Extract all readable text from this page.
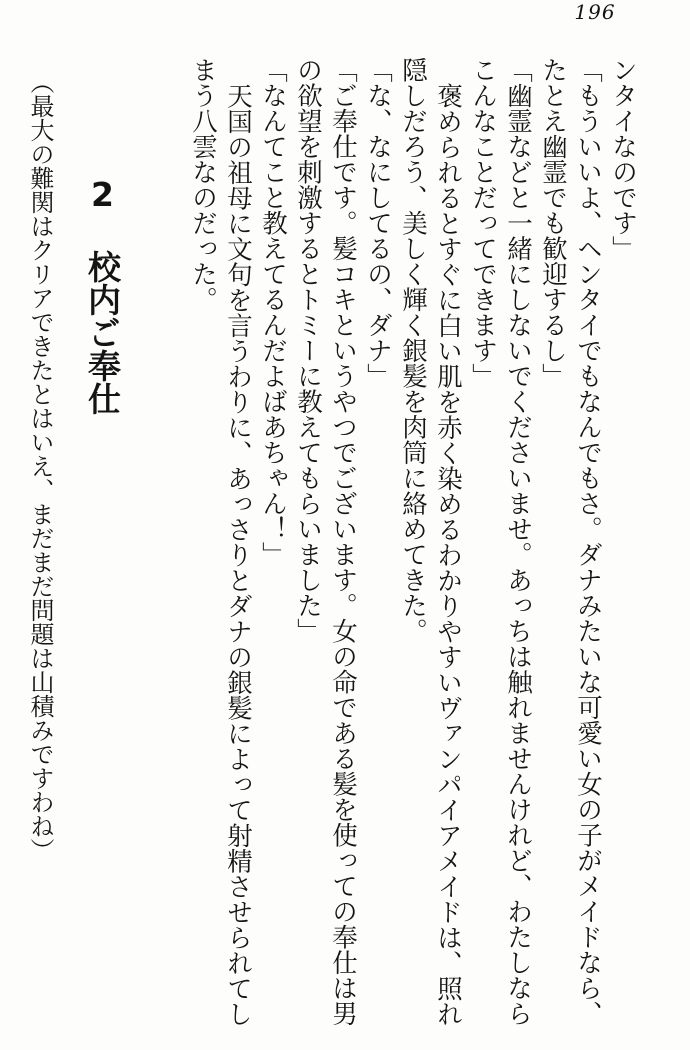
196

ンタイなのです」

「もういいよ、ヘンタイでもなんでもさ。ダナみたいな可愛い女の子がメイドなら、

たとえ幽霊でも歓迎するし」

「幽霊などと一緒にしないでくださいませ。あっちは触れませんけれど、わたしなら

こんなことだってできます」

褒められるとすぐに白い肌を赤く染めるわかりやすいヴァンパイアメイドは、照れ

隠しだろう、美しく輝く銀髪を肉筒に絡めてきた。

「な、なにしてるの、ダナ」

「ご奉仕です。髪コキというやつでございます。女の命である髪を使っての奉仕は男

の欲望を刺激するとトミーに教えてもらいました」

「なんてこと教えてるんだよばあちゃん！」

天国の祖母に文句を言うわりに、あっさりとダナの銀髪によって射精させられてし

まう八雲なのだった。

2 校内ご奉仕

（最大の難関はクリアできたとはいえ、まだまだ問題は山積みですわね）
